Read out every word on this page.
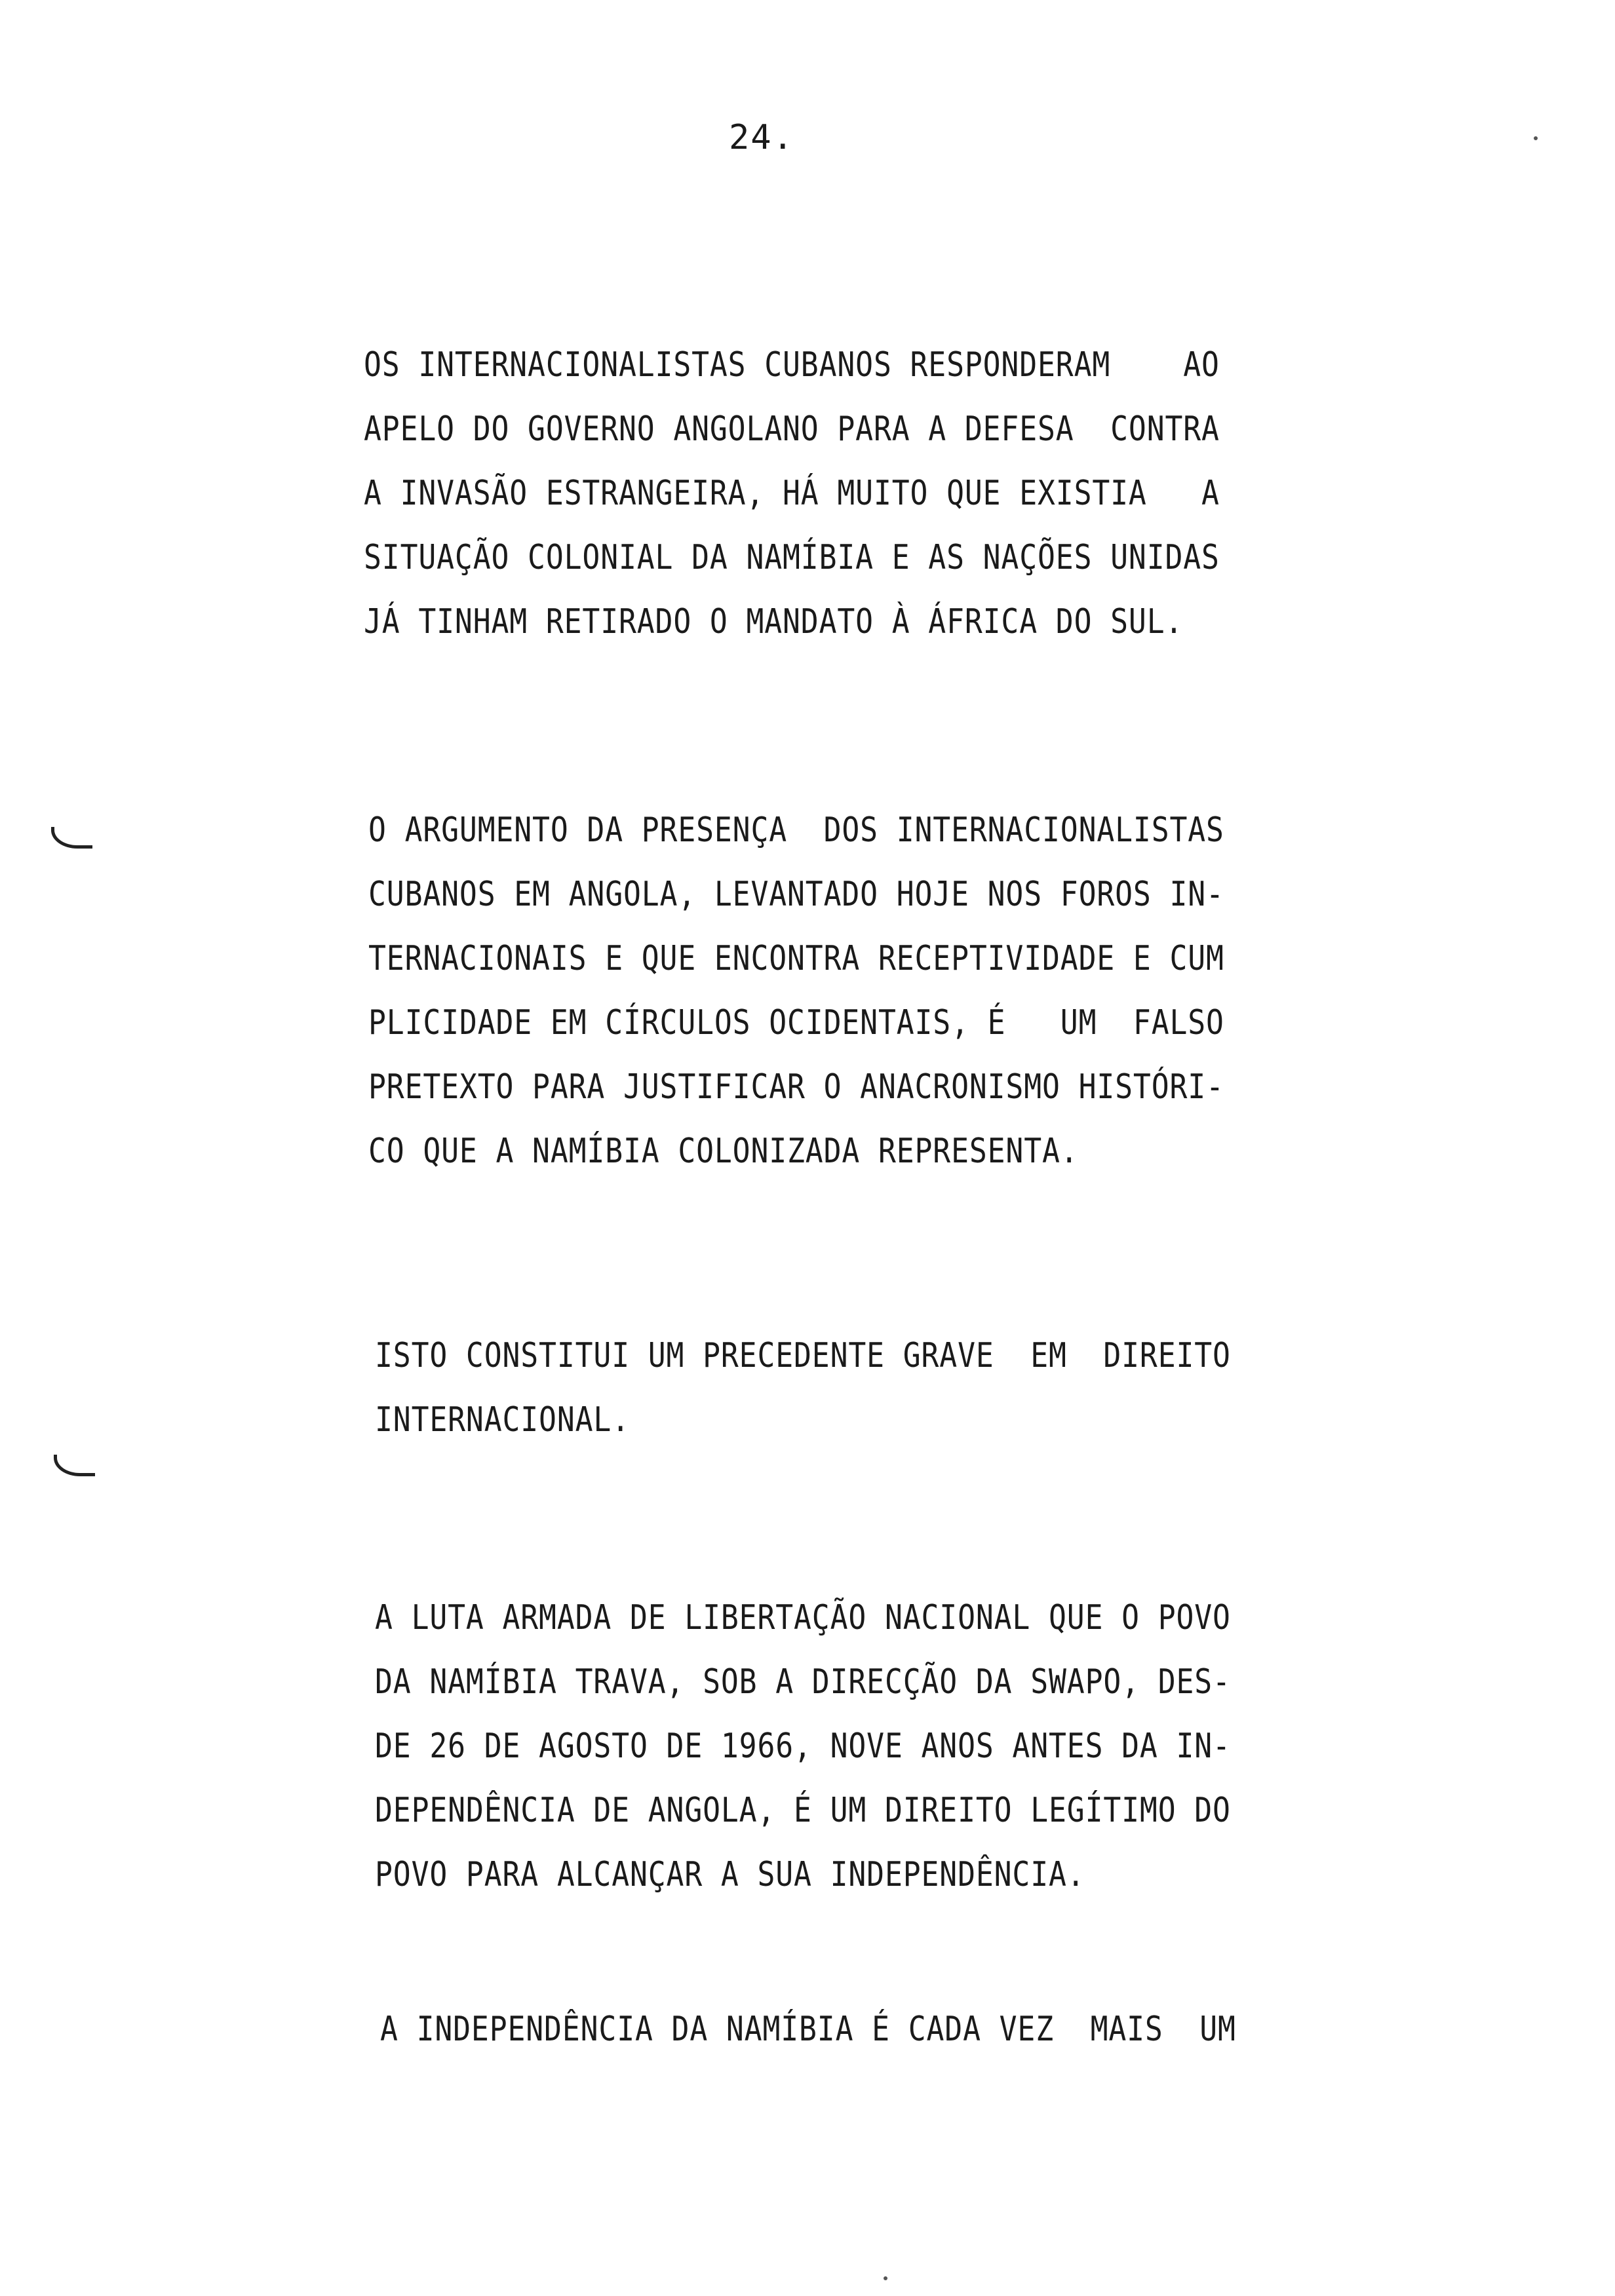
24.
OS INTERNACIONALISTAS CUBANOS RESPONDERAM    AO
APELO DO GOVERNO ANGOLANO PARA A DEFESA  CONTRA
A INVASÃO ESTRANGEIRA, HÁ MUITO QUE EXISTIA   A
SITUAÇÃO COLONIAL DA NAMÍBIA E AS NAÇÕES UNIDAS
JÁ TINHAM RETIRADO O MANDATO À ÁFRICA DO SUL.
O ARGUMENTO DA PRESENÇA  DOS INTERNACIONALISTAS
CUBANOS EM ANGOLA, LEVANTADO HOJE NOS FOROS IN-
TERNACIONAIS E QUE ENCONTRA RECEPTIVIDADE E CUM
PLICIDADE EM CÍRCULOS OCIDENTAIS, É   UM  FALSO
PRETEXTO PARA JUSTIFICAR O ANACRONISMO HISTÓRI-
CO QUE A NAMÍBIA COLONIZADA REPRESENTA.
ISTO CONSTITUI UM PRECEDENTE GRAVE  EM  DIREITO
INTERNACIONAL.
A LUTA ARMADA DE LIBERTAÇÃO NACIONAL QUE O POVO
DA NAMÍBIA TRAVA, SOB A DIRECÇÃO DA SWAPO, DES-
DE 26 DE AGOSTO DE 1966, NOVE ANOS ANTES DA IN-
DEPENDÊNCIA DE ANGOLA, É UM DIREITO LEGÍTIMO DO
POVO PARA ALCANÇAR A SUA INDEPENDÊNCIA.
A INDEPENDÊNCIA DA NAMÍBIA É CADA VEZ  MAIS  UM
